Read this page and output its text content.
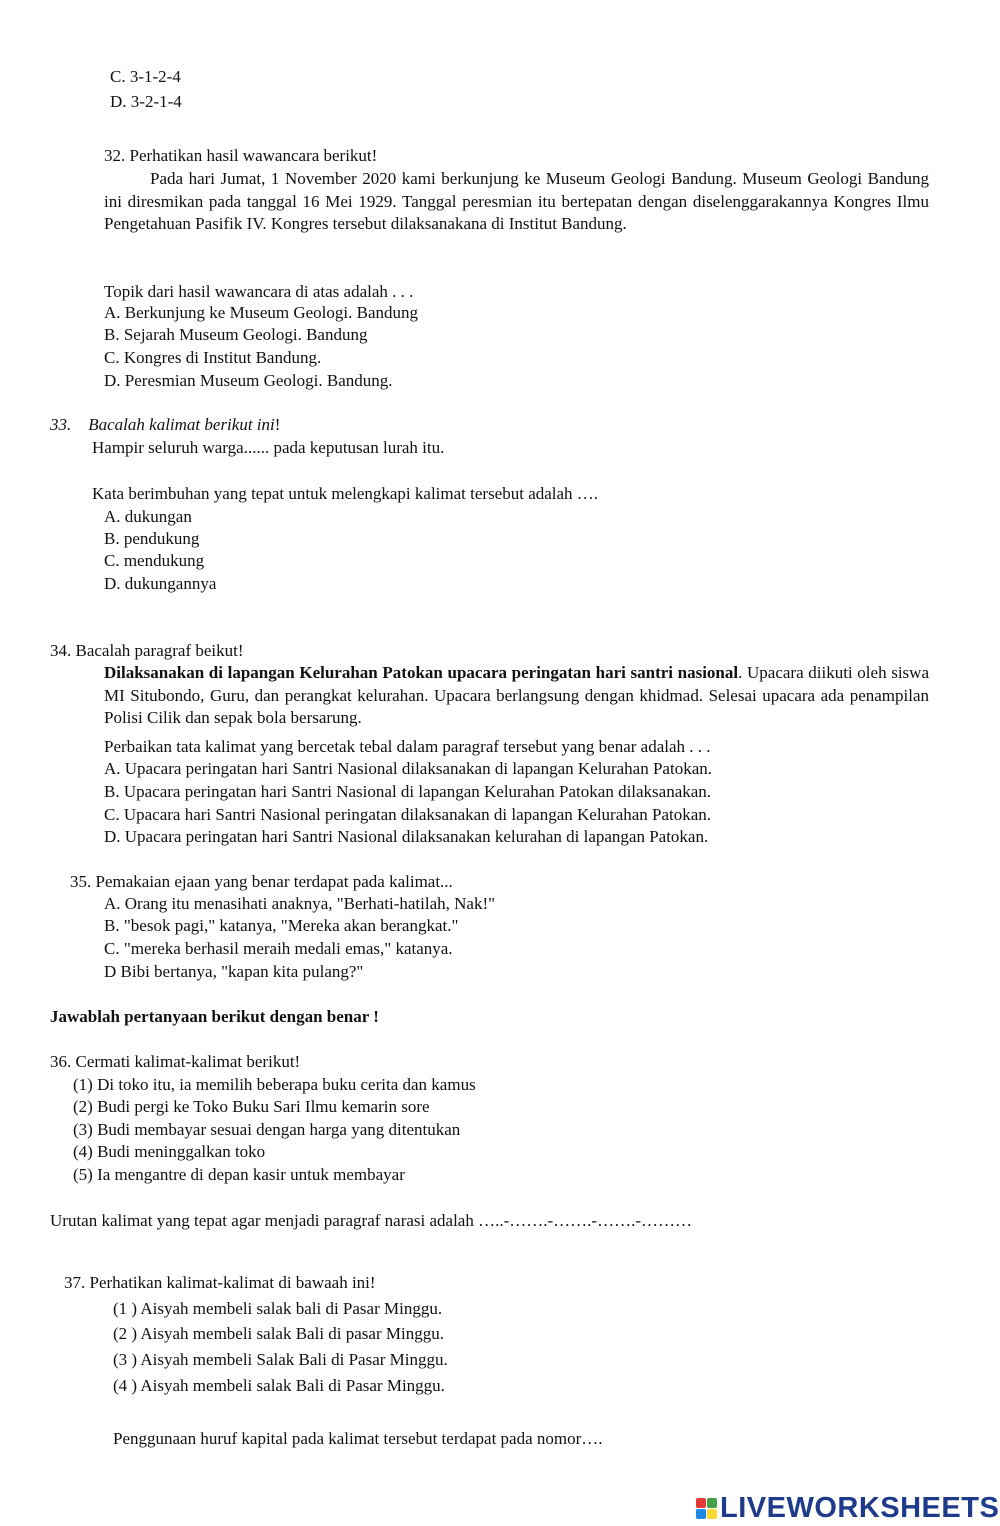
C. 3-1-2-4
D. 3-2-1-4
32. Perhatikan hasil wawancara berikut!
Pada hari Jumat, 1 November 2020 kami berkunjung ke Museum Geologi Bandung. Museum Geologi Bandung ini diresmikan pada tanggal 16 Mei 1929. Tanggal peresmian itu bertepatan dengan diselenggarakannya Kongres Ilmu Pengetahuan Pasifik IV. Kongres tersebut dilaksanakana di Institut Bandung.
Topik dari hasil wawancara di atas adalah . . .
A. Berkunjung ke Museum Geologi. Bandung
B. Sejarah Museum Geologi. Bandung
C. Kongres di Institut Bandung.
D. Peresmian Museum Geologi. Bandung.
33. Bacalah kalimat berikut ini!
Hampir seluruh warga...... pada keputusan lurah itu.
Kata berimbuhan yang tepat untuk melengkapi kalimat tersebut adalah ….
A. dukungan
B. pendukung
C. mendukung
D. dukungannya
34. Bacalah paragraf beikut!
Dilaksanakan di lapangan Kelurahan Patokan upacara peringatan hari santri nasional. Upacara diikuti oleh siswa MI Situbondo, Guru, dan perangkat kelurahan. Upacara berlangsung dengan khidmad. Selesai upacara ada penampilan Polisi Cilik dan sepak bola bersarung.
Perbaikan tata kalimat yang bercetak tebal dalam paragraf tersebut yang benar adalah . . .
A. Upacara peringatan hari Santri Nasional dilaksanakan di lapangan Kelurahan Patokan.
B. Upacara peringatan hari Santri Nasional di lapangan Kelurahan Patokan dilaksanakan.
C. Upacara hari Santri Nasional peringatan dilaksanakan di lapangan Kelurahan Patokan.
D. Upacara peringatan hari Santri Nasional dilaksanakan kelurahan di lapangan Patokan.
35. Pemakaian ejaan yang benar terdapat pada kalimat...
A. Orang itu menasihati anaknya, "Berhati-hatilah, Nak!"
B. "besok pagi," katanya, "Mereka akan berangkat."
C. "mereka berhasil meraih medali emas," katanya.
D Bibi bertanya, "kapan kita pulang?"
Jawablah pertanyaan berikut dengan benar !
36. Cermati kalimat-kalimat berikut!
(1) Di toko itu, ia memilih beberapa buku cerita dan kamus
(2) Budi pergi ke Toko Buku Sari Ilmu kemarin sore
(3) Budi membayar sesuai dengan harga yang ditentukan
(4) Budi meninggalkan toko
(5) Ia mengantre di depan kasir untuk membayar
Urutan kalimat yang tepat agar menjadi paragraf narasi adalah …..-…….-…….-…….-………
37. Perhatikan kalimat-kalimat di bawaah ini!
(1 ) Aisyah membeli salak bali di Pasar Minggu.
(2 ) Aisyah membeli salak Bali di pasar Minggu.
(3 ) Aisyah membeli Salak Bali di Pasar Minggu.
(4 ) Aisyah membeli salak Bali di Pasar Minggu.
Penggunaan huruf kapital pada kalimat tersebut terdapat pada nomor….
LIVEWORKSHEETS
